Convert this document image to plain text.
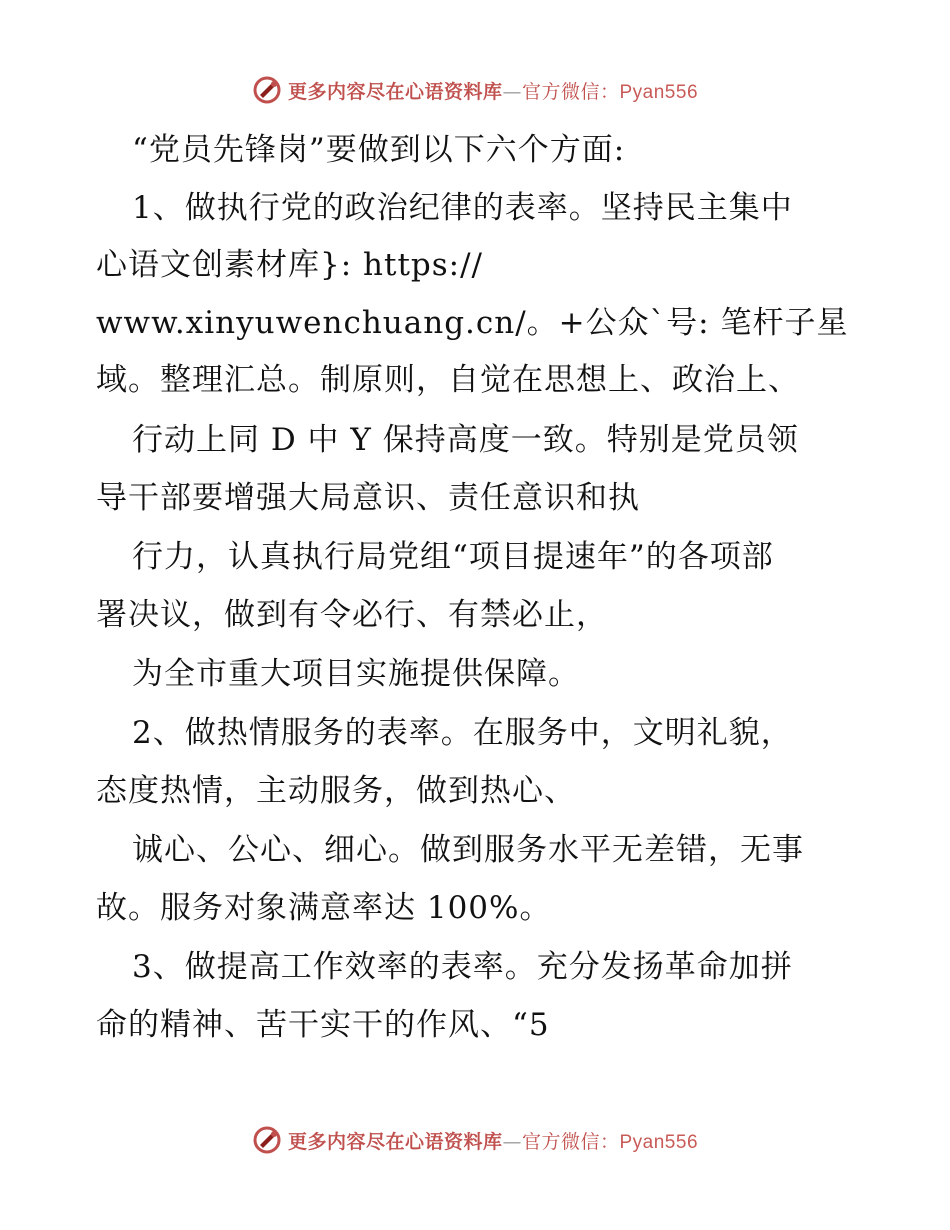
更多内容尽在心语资料库—官方微信：Pyan556
“党员先锋岗”要做到以下六个方面:
1、做执行党的政治纪律的表率。坚持民主集中
心语文创素材库}: https://
www.xinyuwenchuang.cn/。+公众`号: 笔杆子星
域。整理汇总。制原则，自觉在思想上、政治上、
行动上同 D 中 Y 保持高度一致。特别是党员领
导干部要增强大局意识、责任意识和执
行力，认真执行局党组“项目提速年”的各项部
署决议，做到有令必行、有禁必止，
为全市重大项目实施提供保障。
2、做热情服务的表率。在服务中，文明礼貌，
态度热情，主动服务，做到热心、
诚心、公心、细心。做到服务水平无差错，无事
故。服务对象满意率达 100%。
3、做提高工作效率的表率。充分发扬革命加拼
命的精神、苦干实干的作风、“5
更多内容尽在心语资料库—官方微信：Pyan556
